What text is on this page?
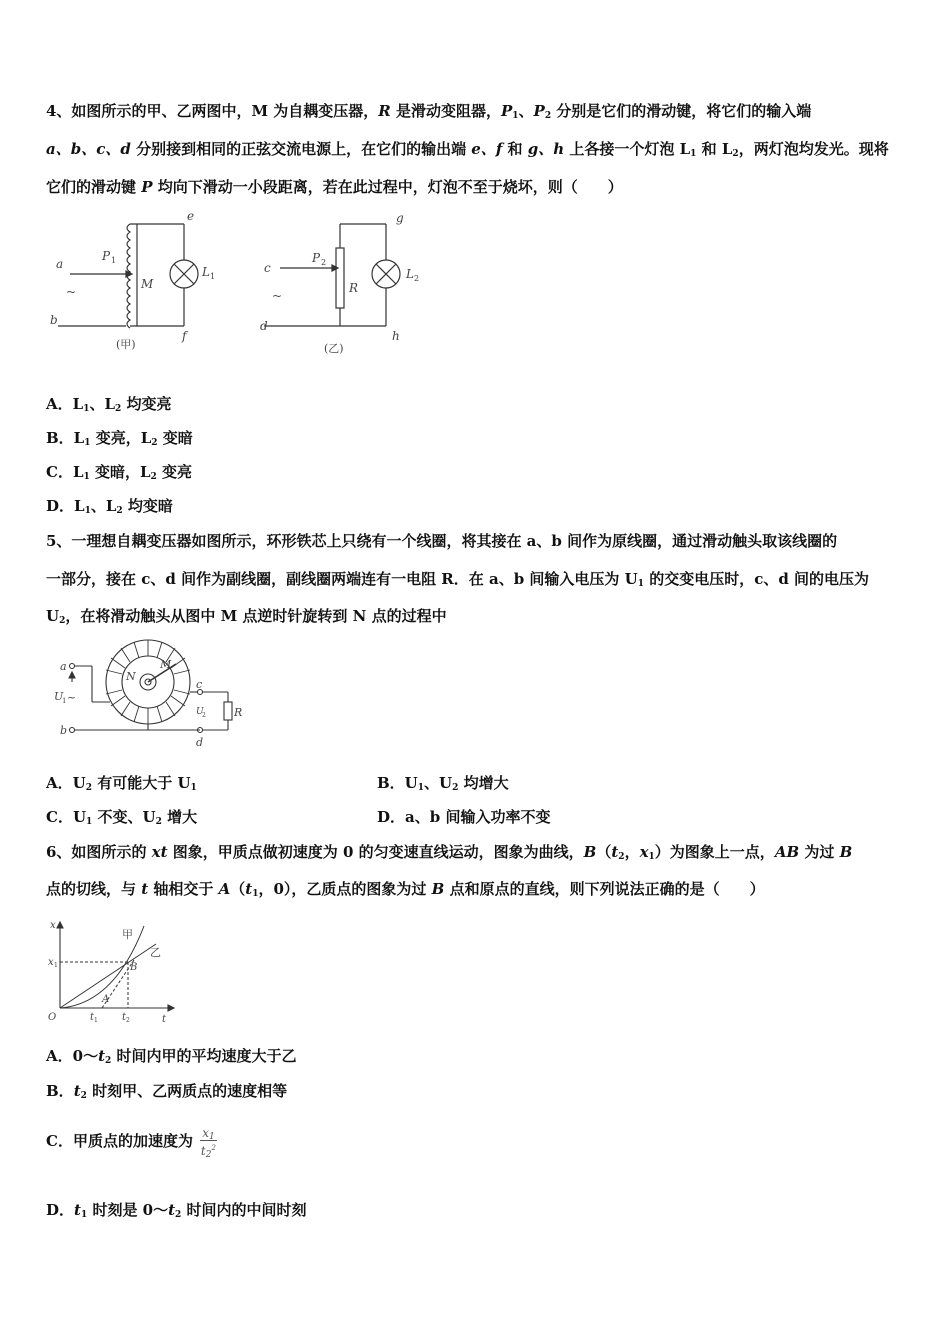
4、如图所示的甲、乙两图中，M 为自耦变压器，R 是滑动变阻器，$P_1$、$P_2$ 分别是它们的滑动键，将它们的输入端
a、b、c、d 分别接到相同的正弦交流电源上，在它们的输出端 e、f 和 g、h 上各接一个灯泡 $L_1$ 和 $L_2$，两灯泡均发光。现将
它们的滑动键 P 均向下滑动一小段距离，若在此过程中，灯泡不至于烧坏，则（　　）
a
~
b
P 1
M
e
L 1
f
(甲)
c
~
d
P 2
R
g
L 2
h
(乙)
A．$L_1$、$L_2$ 均变亮
B．$L_1$ 变亮，$L_2$ 变暗
C．$L_1$ 变暗，$L_2$ 变亮
D．$L_1$、$L_2$ 均变暗
5、一理想自耦变压器如图所示，环形铁芯上只绕有一个线圈，将其接在 a、b 间作为原线圈，通过滑动触头取该线圈的
一部分，接在 c、d 间作为副线圈，副线圈两端连有一电阻 R．在 a、b 间输入电压为 $U_1$ 的交变电压时，c、d 间的电压为
$U_2$，在将滑动触头从图中 M 点逆时针旋转到 N 点的过程中
a
b
U
1 ~
c
d
U
2	R
M
N
A．$U_2$ 有可能大于 $U_1$	B．$U_1$、$U_2$ 均增大
C．$U_1$ 不变、$U_2$ 增大	D．a、b 间输入功率不变
6、如图所示的 xt 图象，甲质点做初速度为 0 的匀变速直线运动，图象为曲线，$B(t_2$，$x_1$）为图象上一点，AB 为过 B
点的切线，与 t 轴相交于 $A(t_1$，0），乙质点的图象为过 B 点和原点的直线，则下列说法正确的是（　　）
x
t
O
x 1
t 1 t 2
甲
乙
B
A
A．$0\sim t_2$ 时间内甲的平均速度大于乙
B．$t_2$ 时刻甲、乙两质点的速度相等
C．甲质点的加速度为 $\frac{x_1}{t_2^2}$
D．$t_1$ 时刻是 $0\sim t_2$ 时间内的中间时刻
